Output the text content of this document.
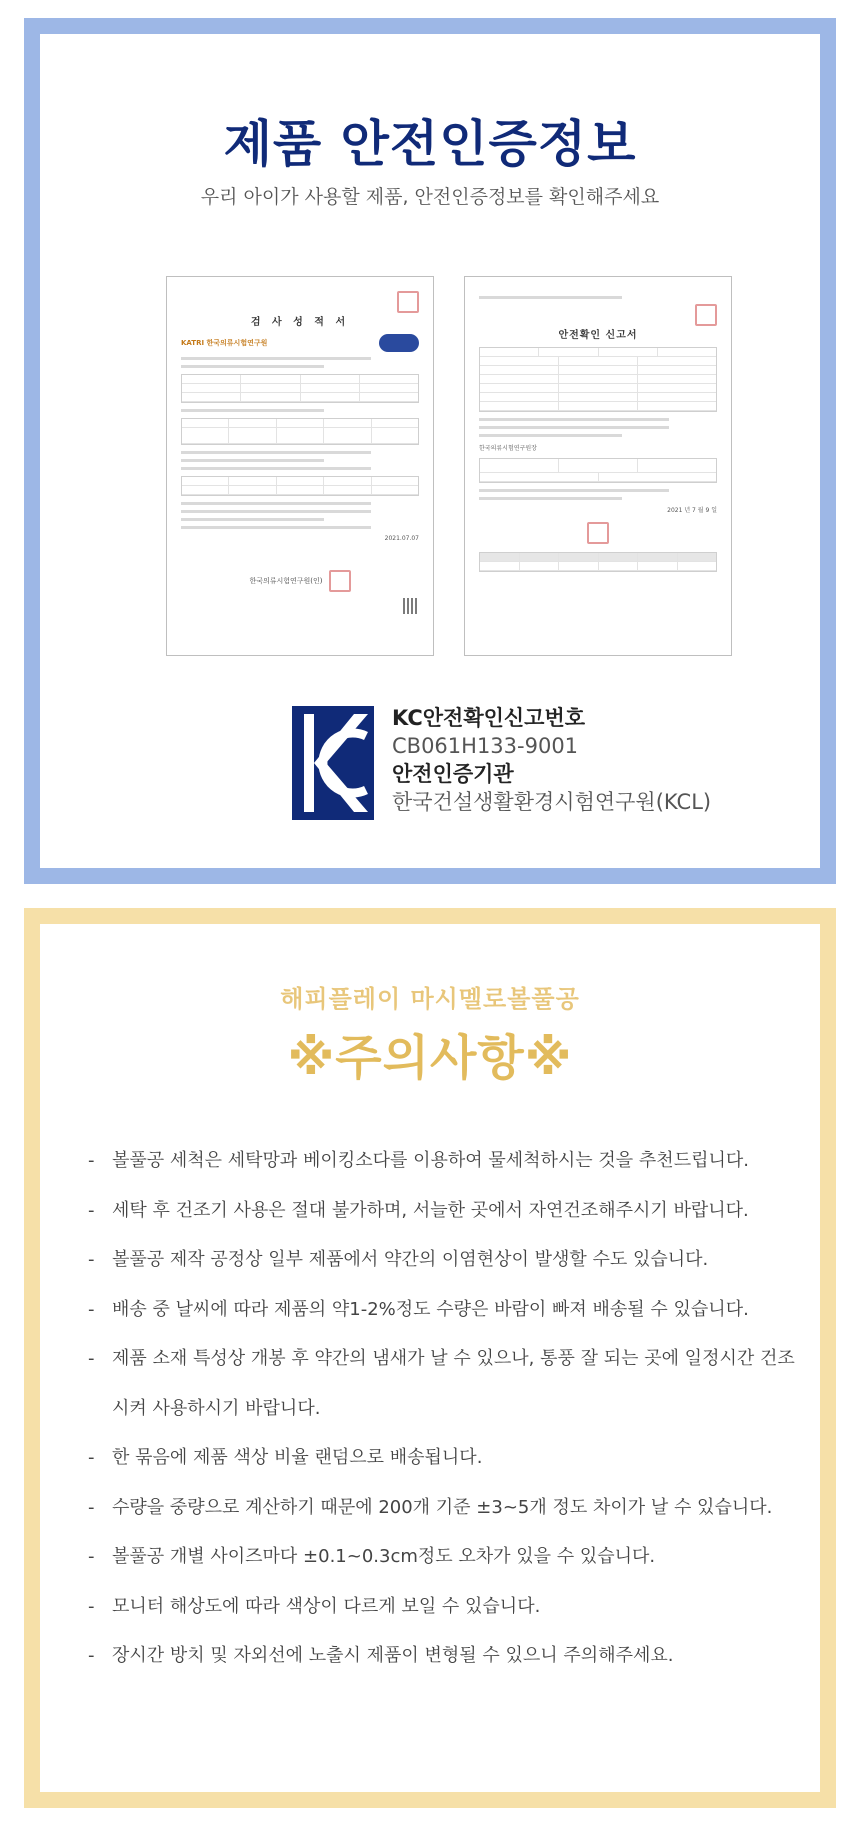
제품 안전인증정보

우리 아이가 사용할 제품, 안전인증정보를 확인해주세요

검 사 성 적 서
KATRI 한국의류시험연구원
2021.07.07
한국의류시험연구원(인)
안전확인 신고서
한국의류시험연구원장
2021 년 7 월 9 일
KC안전확인신고번호
CB061H133-9001
안전인증기관
한국건설생활환경시험연구원(KCL)
해피플레이 마시멜로볼풀공
※주의사항※
- 볼풀공 세척은 세탁망과 베이킹소다를 이용하여 물세척하시는 것을 추천드립니다.
- 세탁 후 건조기 사용은 절대 불가하며, 서늘한 곳에서 자연건조해주시기 바랍니다.
- 볼풀공 제작 공정상 일부 제품에서 약간의 이염현상이 발생할 수도 있습니다.
- 배송 중 날씨에 따라 제품의 약1-2%정도 수량은 바람이 빠져 배송될 수 있습니다.
- 제품 소재 특성상 개봉 후 약간의 냄새가 날 수 있으나, 통풍 잘 되는 곳에 일정시간 건조시켜 사용하시기 바랍니다.
- 한 묶음에 제품 색상 비율 랜덤으로 배송됩니다.
- 수량을 중량으로 계산하기 때문에 200개 기준 ±3~5개 정도 차이가 날 수 있습니다.
- 볼풀공 개별 사이즈마다 ±0.1~0.3cm정도 오차가 있을 수 있습니다.
- 모니터 해상도에 따라 색상이 다르게 보일 수 있습니다.
- 장시간 방치 및 자외선에 노출시 제품이 변형될 수 있으니 주의해주세요.
